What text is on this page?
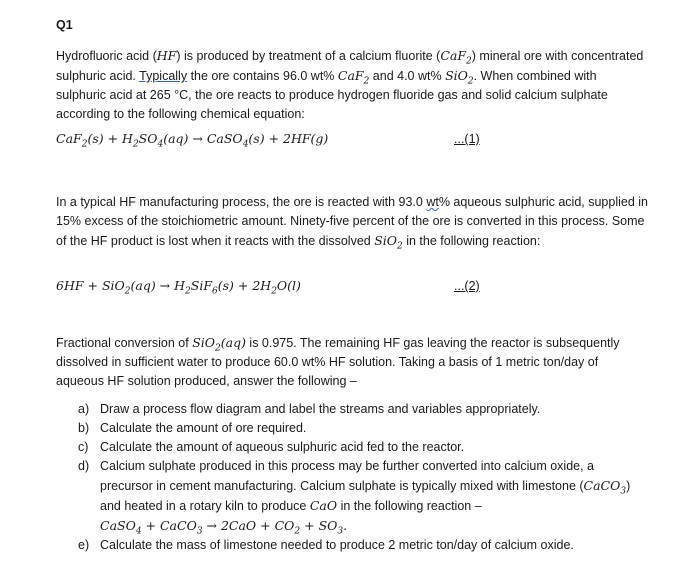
Q1
Hydrofluoric acid (HF) is produced by treatment of a calcium fluorite (CaF$_2$) mineral ore with concentrated sulphuric acid. Typically the ore contains 96.0 wt% CaF$_2$ and 4.0 wt% SiO$_2$. When combined with sulphuric acid at 265 °C, the ore reacts to produce hydrogen fluoride gas and solid calcium sulphate according to the following chemical equation:
$CaF_2(s) + H_2SO_4(aq)$ → CaSO$_4$(s) + 2HF(g)	...(1)
In a typical HF manufacturing process, the ore is reacted with 93.0 wt% aqueous sulphuric acid, supplied in 15% excess of the stoichiometric amount. Ninety-five percent of the ore is converted in this process. Some of the HF product is lost when it reacts with the dissolved SiO$_2$ in the following reaction:
$6HF + SiO_2(aq) \to H_2SiF_6(s) + 2H_2O(l)$	...(2)
Fractional conversion of SiO$_2$(aq) is 0.975. The remaining HF gas leaving the reactor is subsequently dissolved in sufficient water to produce 60.0 wt% HF solution. Taking a basis of 1 metric ton/day of aqueous HF solution produced, answer the following –
a) Draw a process flow diagram and label the streams and variables appropriately.
b) Calculate the amount of ore required.
c) Calculate the amount of aqueous sulphuric acid fed to the reactor.
d) Calcium sulphate produced in this process may be further converted into calcium oxide, a precursor in cement manufacturing. Calcium sulphate is typically mixed with limestone (CaCO$_3$) and heated in a rotary kiln to produce CaO in the following reaction –
CaSO$_4$ + CaCO$_3$ → $2CaO + CO_2 + SO_3$.
e) Calculate the mass of limestone needed to produce 2 metric ton/day of calcium oxide.
